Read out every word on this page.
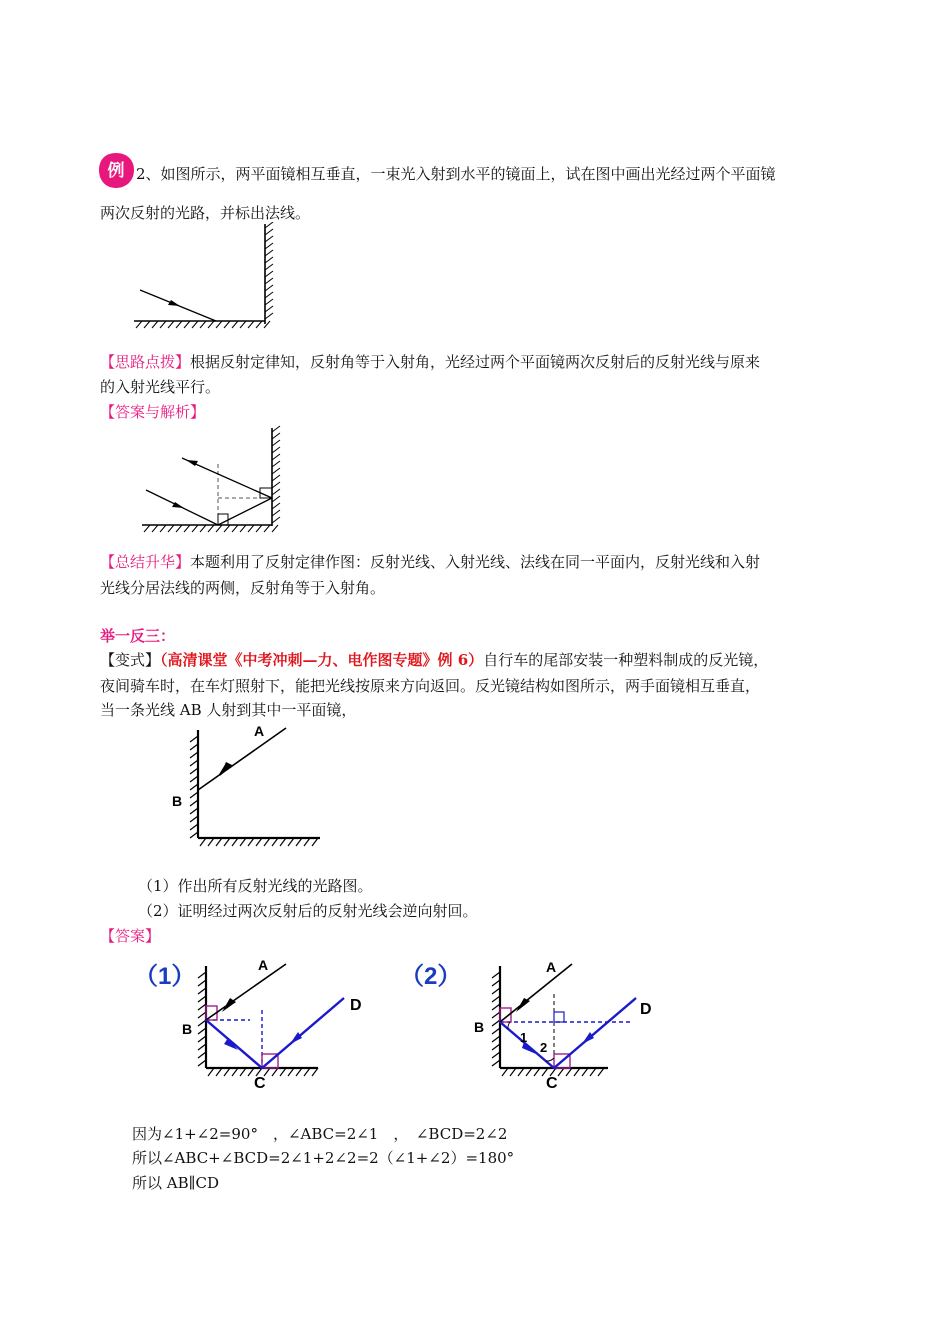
例 2、如图所示，两平面镜相互垂直，一束光入射到水平的镜面上，试在图中画出光经过两个平面镜
两次反射的光路，并标出法线。
【思路点拨】根据反射定律知，反射角等于入射角，光经过两个平面镜两次反射后的反射光线与原来
的入射光线平行。
【答案与解析】
【总结升华】本题利用了反射定律作图：反射光线、入射光线、法线在同一平面内，反射光线和入射
光线分居法线的两侧，反射角等于入射角。
举一反三：
【变式】（高清课堂《中考冲刺—力、电作图专题》例 6）自行车的尾部安装一种塑料制成的反光镜，
夜间骑车时，在车灯照射下，能把光线按原来方向返回。反光镜结构如图所示，两手面镜相互垂直，
当一条光线 AB 人射到其中一平面镜，
A
B
（1）作出所有反射光线的光路图。
（2）证明经过两次反射后的反射光线会逆向射回。
【答案】
（1）	A
B
C
D
（2）
1
2
A
B
C
D
因为∠1+∠2=90°　，∠ABC=2∠1　，　∠BCD=2∠2
所以∠ABC+∠BCD=2∠1+2∠2=2（∠1+∠2）=180°
所以 AB∥CD
